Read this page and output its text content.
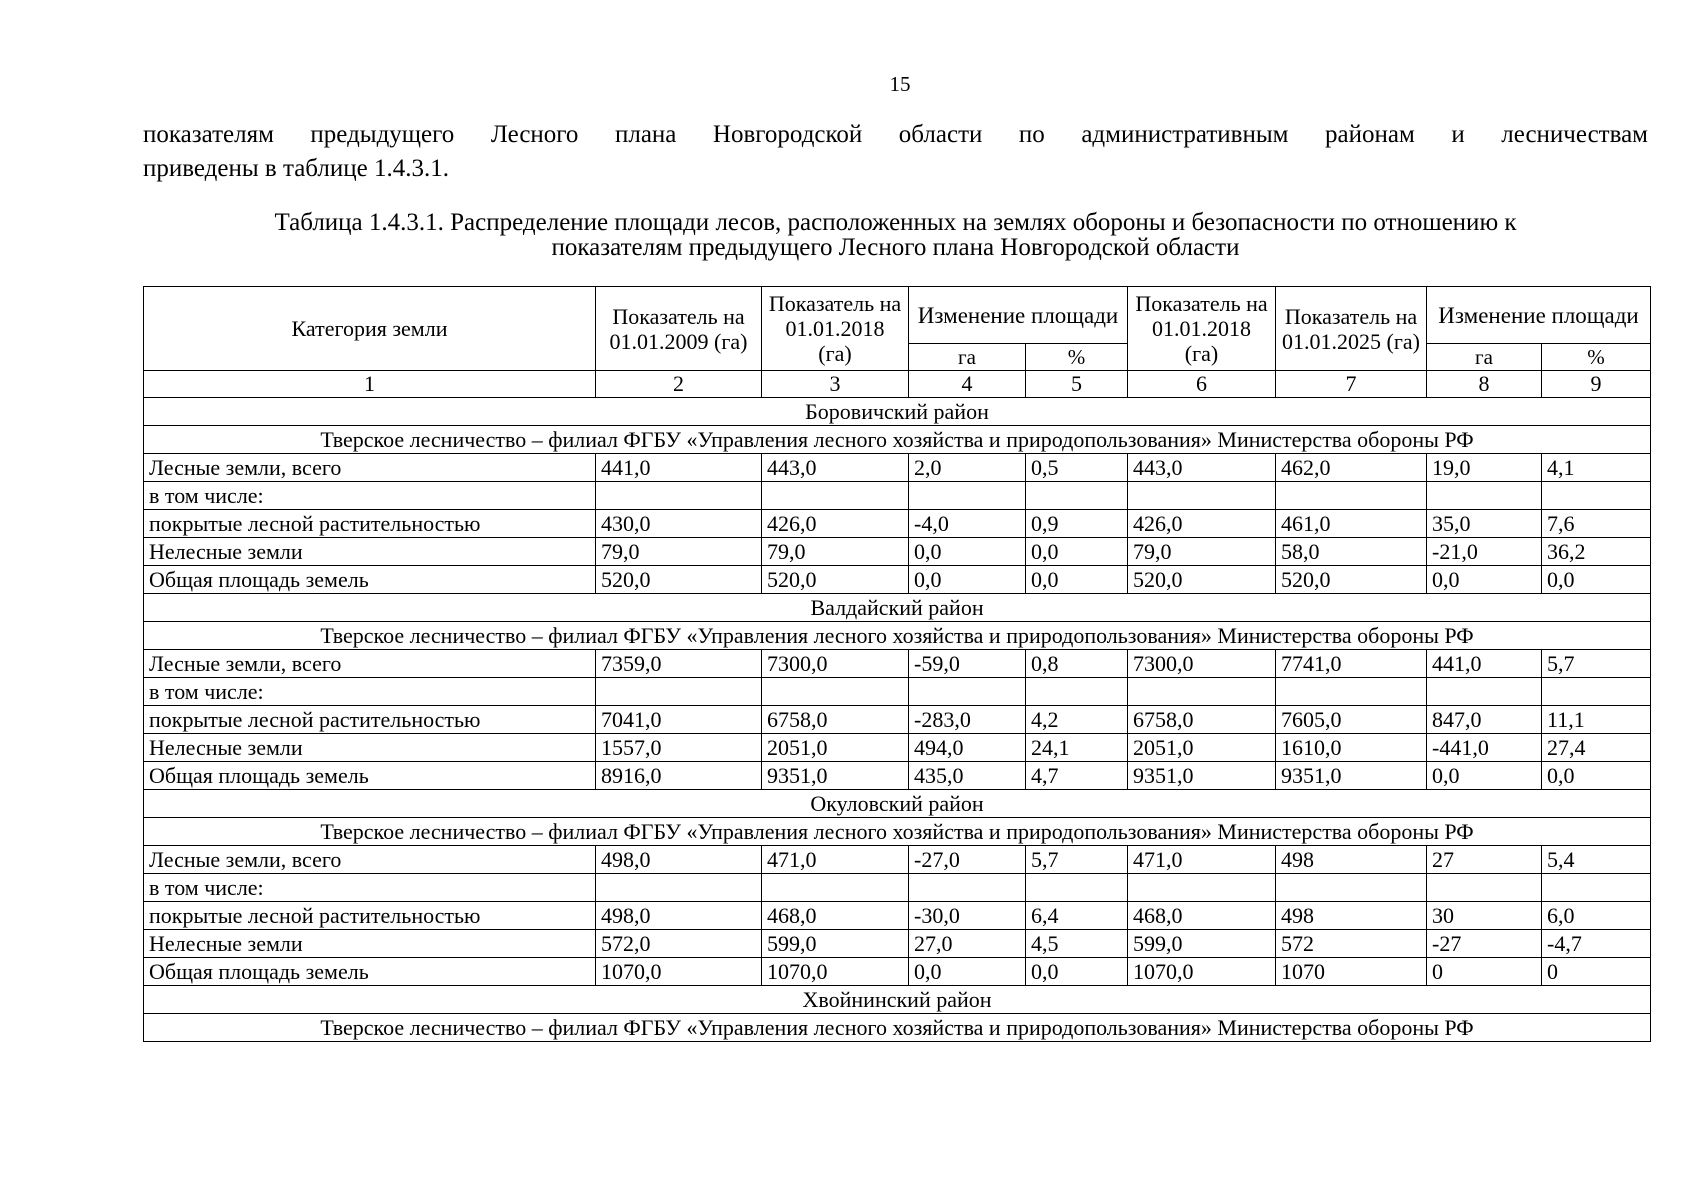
15
показателям предыдущего Лесного плана Новгородской области по административным районам и лесничествам
приведены в таблице 1.4.3.1.
Таблица 1.4.3.1. Распределение площади лесов, расположенных на землях обороны и безопасности по отношению к
показателям предыдущего Лесного плана Новгородской области
Категория земли	Показатель на 01.01.2009 (га)	Показатель на 01.01.2018 (га)	Изменение площади		Показатель на 01.01.2018 (га)	Показатель на 01.01.2025 (га)	Изменение площади	
			га	%			га	%
1	2	3	4	5	6	7	8	9
Боровичский район								
Тверское лесничество – филиал ФГБУ «Управления лесного хозяйства и природопользования» Министерства обороны РФ								
Лесные земли, всего	441,0	443,0	2,0	0,5	443,0	462,0	19,0	4,1
в том числе:								
покрытые лесной растительностью	430,0	426,0	-4,0	0,9	426,0	461,0	35,0	7,6
Нелесные земли	79,0	79,0	0,0	0,0	79,0	58,0	-21,0	36,2
Общая площадь земель	520,0	520,0	0,0	0,0	520,0	520,0	0,0	0,0
Валдайский район								
Тверское лесничество – филиал ФГБУ «Управления лесного хозяйства и природопользования» Министерства обороны РФ								
Лесные земли, всего	7359,0	7300,0	-59,0	0,8	7300,0	7741,0	441,0	5,7
в том числе:								
покрытые лесной растительностью	7041,0	6758,0	-283,0	4,2	6758,0	7605,0	847,0	11,1
Нелесные земли	1557,0	2051,0	494,0	24,1	2051,0	1610,0	-441,0	27,4
Общая площадь земель	8916,0	9351,0	435,0	4,7	9351,0	9351,0	0,0	0,0
Окуловский район								
Тверское лесничество – филиал ФГБУ «Управления лесного хозяйства и природопользования» Министерства обороны РФ								
Лесные земли, всего	498,0	471,0	-27,0	5,7	471,0	498	27	5,4
в том числе:								
покрытые лесной растительностью	498,0	468,0	-30,0	6,4	468,0	498	30	6,0
Нелесные земли	572,0	599,0	27,0	4,5	599,0	572	-27	-4,7
Общая площадь земель	1070,0	1070,0	0,0	0,0	1070,0	1070	0	0
Хвойнинский район								
Тверское лесничество – филиал ФГБУ «Управления лесного хозяйства и природопользования» Министерства обороны РФ								
